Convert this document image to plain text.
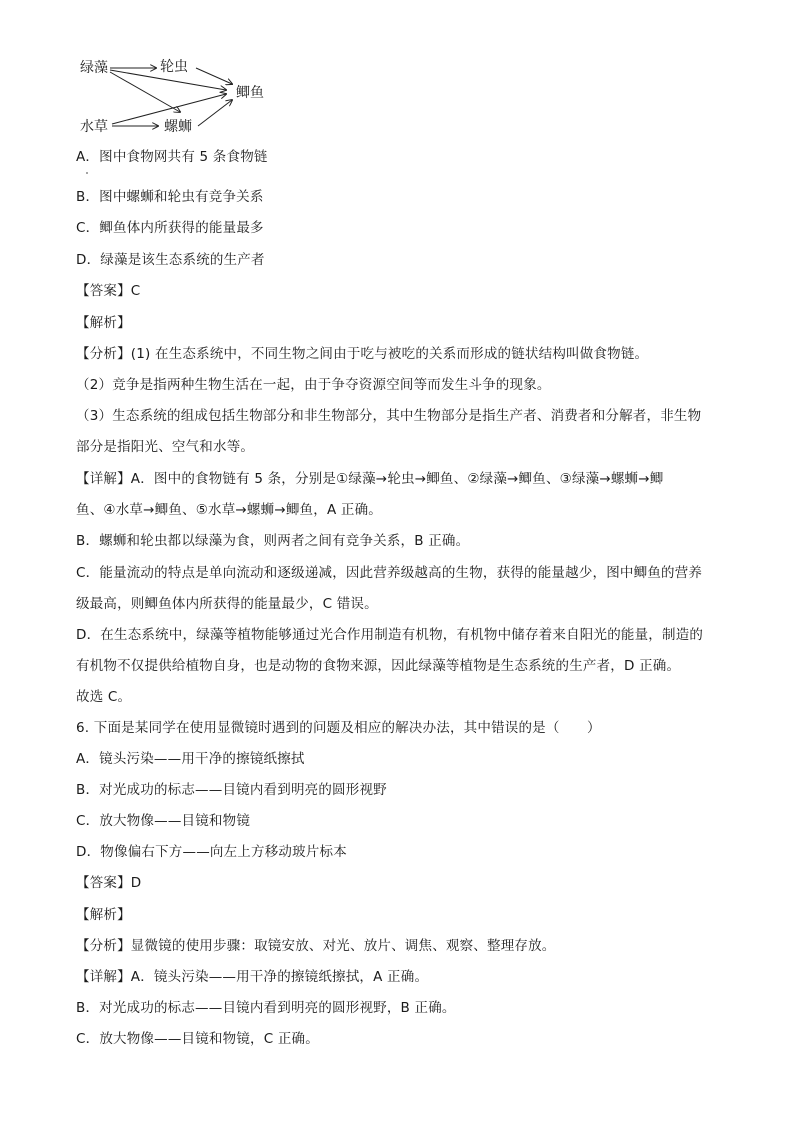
绿藻	轮虫
鲫鱼
水草	螺蛳
A．图中食物网共有 5 条食物链
B．图中螺蛳和轮虫有竞争关系
C．鲫鱼体内所获得的能量最多
D．绿藻是该生态系统的生产者
【答案】C
【解析】
【分析】(1) 在生态系统中，不同生物之间由于吃与被吃的关系而形成的链状结构叫做食物链。
（2）竞争是指两种生物生活在一起，由于争夺资源空间等而发生斗争的现象。
（3）生态系统的组成包括生物部分和非生物部分，其中生物部分是指生产者、消费者和分解者，非生物
部分是指阳光、空气和水等。
【详解】A．图中的食物链有 5 条，分别是①绿藻→轮虫→鲫鱼、②绿藻→鲫鱼、③绿藻→螺蛳→鲫
鱼、④水草→鲫鱼、⑤水草→螺蛳→鲫鱼，A 正确。
B．螺蛳和轮虫都以绿藻为食，则两者之间有竞争关系，B 正确。
C．能量流动的特点是单向流动和逐级递减，因此营养级越高的生物，获得的能量越少，图中鲫鱼的营养
级最高，则鲫鱼体内所获得的能量最少，C 错误。
D．在生态系统中，绿藻等植物能够通过光合作用制造有机物，有机物中储存着来自阳光的能量，制造的
有机物不仅提供给植物自身，也是动物的食物来源，因此绿藻等植物是生态系统的生产者，D 正确。
故选 C。
6. 下面是某同学在使用显微镜时遇到的问题及相应的解决办法，其中错误的是（　　）
A．镜头污染——用干净的擦镜纸擦拭
B．对光成功的标志——目镜内看到明亮的圆形视野
C．放大物像——目镜和物镜
D．物像偏右下方——向左上方移动玻片标本
【答案】D
【解析】
【分析】显微镜的使用步骤：取镜安放、对光、放片、调焦、观察、整理存放。
【详解】A．镜头污染——用干净的擦镜纸擦拭，A 正确。
B．对光成功的标志——目镜内看到明亮的圆形视野，B 正确。
C．放大物像——目镜和物镜，C 正确。
